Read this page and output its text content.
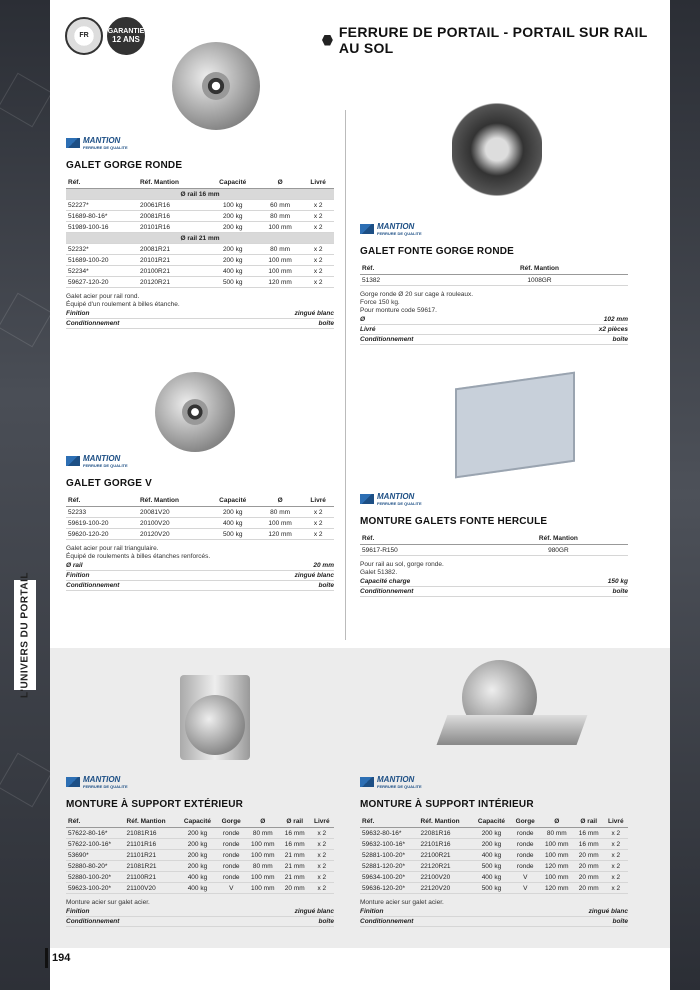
L'UNIVERS DU PORTAIL
FR
GARANTIE
12 ANS	FERRURE DE PORTAIL - PORTAIL SUR RAIL AU SOL
MANTION
FERRURE DE QUALITE
GALET GORGE RONDE
Réf.	Réf. Mantion	Capacité	Ø	Livré
Ø rail 16 mm				
52227*	20061R16	100 kg	60 mm	x 2
51689-80-16*	20081R16	200 kg	80 mm	x 2
51989-100-16	20101R16	200 kg	100 mm	x 2
Ø rail 21 mm				
52232*	20081R21	200 kg	80 mm	x 2
51689-100-20	20101R21	200 kg	100 mm	x 2
52234*	20100R21	400 kg	100 mm	x 2
59627-120-20	20120R21	500 kg	120 mm	x 2
Galet acier pour rail rond.
Équipé d'un roulement à billes étanche.
Finition	zingué blanc
Conditionnement	boîte
MANTION
FERRURE DE QUALITE
GALET GORGE V
Réf.	Réf. Mantion	Capacité	Ø	Livré
52233	20081V20	200 kg	80 mm	x 2
59619-100-20	20100V20	400 kg	100 mm	x 2
59620-120-20	20120V20	500 kg	120 mm	x 2
Galet acier pour rail triangulaire.
Équipé de roulements à billes étanches renforcés.
Ø rail	20 mm
Finition	zingué blanc
Conditionnement	boîte
MANTION
FERRURE DE QUALITE
GALET FONTE GORGE RONDE
Réf.	Réf. Mantion
51382	1008GR
Gorge ronde Ø 20 sur cage à rouleaux.
Force 150 kg.
Pour monture code 59617.
Ø	102 mm
Livré	x2 pièces
Conditionnement	boîte
MANTION
FERRURE DE QUALITE
MONTURE GALETS FONTE HERCULE
Réf.	Réf. Mantion
59617-R150	980GR
Pour rail au sol, gorge ronde.
Galet 51382.
Capacité charge	150 kg
Conditionnement	boîte
MANTION
FERRURE DE QUALITE
MONTURE À SUPPORT EXTÉRIEUR
Réf.	Réf. Mantion	Capacité	Gorge	Ø	Ø rail	Livré
57622-80-16*	21081R16	200 kg	ronde	80 mm	16 mm	x 2
57622-100-16*	21101R16	200 kg	ronde	100 mm	16 mm	x 2
53690*	21101R21	200 kg	ronde	100 mm	21 mm	x 2
52880-80-20*	21081R21	200 kg	ronde	80 mm	21 mm	x 2
52880-100-20*	21100R21	400 kg	ronde	100 mm	21 mm	x 2
59623-100-20*	21100V20	400 kg	V	100 mm	20 mm	x 2
Monture acier sur galet acier.
Finition	zingué blanc
Conditionnement	boîte
MANTION
FERRURE DE QUALITE
MONTURE À SUPPORT INTÉRIEUR
Réf.	Réf. Mantion	Capacité	Gorge	Ø	Ø rail	Livré
59632-80-16*	22081R16	200 kg	ronde	80 mm	16 mm	x 2
59632-100-16*	22101R16	200 kg	ronde	100 mm	16 mm	x 2
52881-100-20*	22100R21	400 kg	ronde	100 mm	20 mm	x 2
52881-120-20*	22120R21	500 kg	ronde	120 mm	20 mm	x 2
59634-100-20*	22100V20	400 kg	V	100 mm	20 mm	x 2
59636-120-20*	22120V20	500 kg	V	120 mm	20 mm	x 2
Monture acier sur galet acier.
Finition	zingué blanc
Conditionnement	boîte
194
